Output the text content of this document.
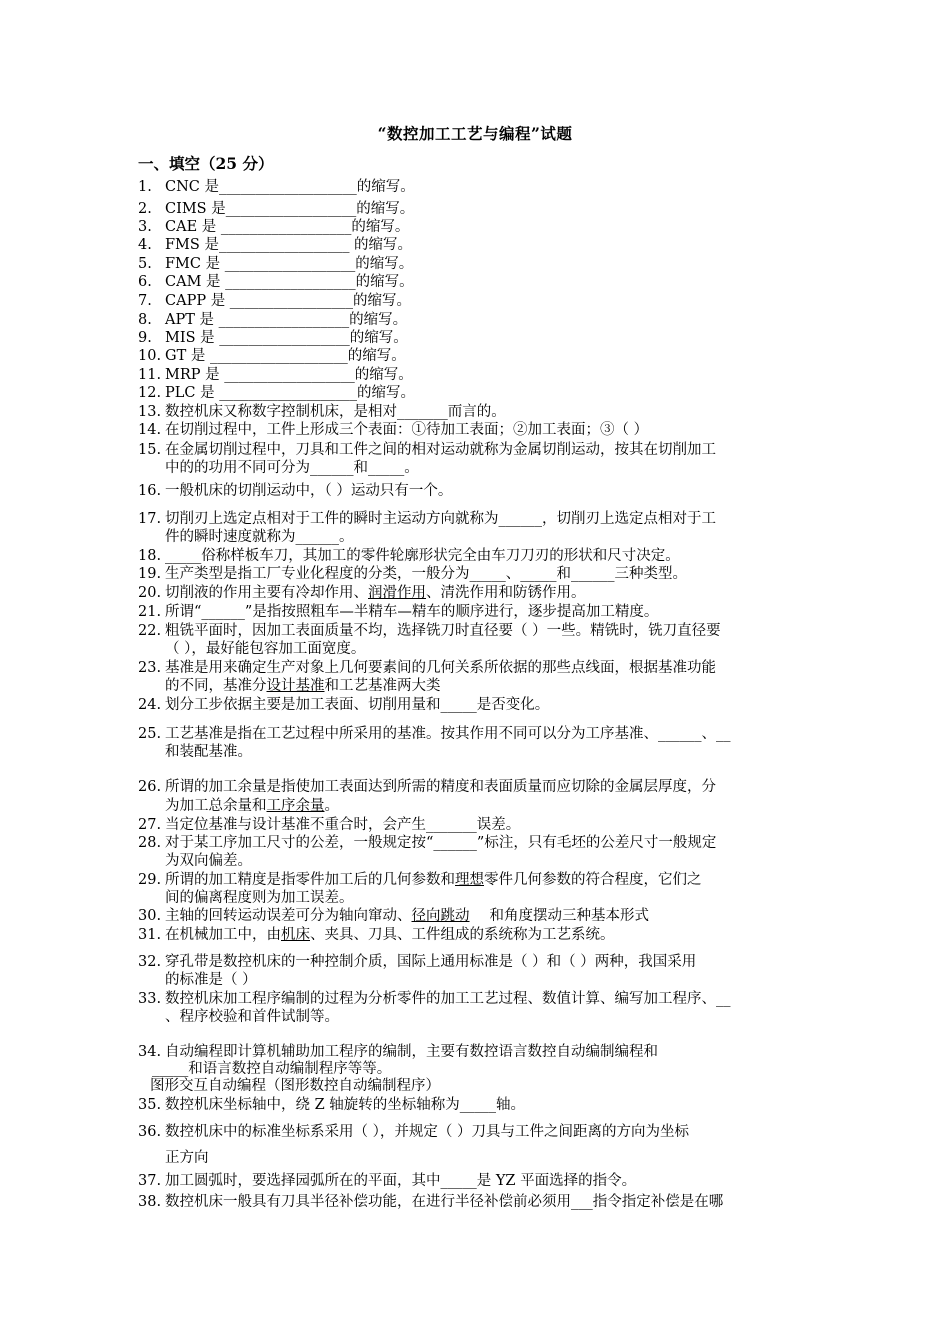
“数控加工工艺与编程”试题
一、填空（25 分）
1. CNC 是___________________的缩写。
2. CIMS 是__________________的缩写。
3. CAE 是 __________________的缩写。
4. FMS 是__________________ 的缩写。
5. FMC 是 __________________的缩写。
6. CAM 是 __________________的缩写。
7. CAPP 是 _________________的缩写。
8. APT 是 __________________的缩写。
9. MIS 是 __________________的缩写。
10. GT 是 ___________________的缩写。
11. MRP 是 __________________的缩写。
12. PLC 是 ___________________的缩写。
13. 数控机床又称数字控制机床，是相对_______而言的。
14. 在切削过程中，工件上形成三个表面：①待加工表面；②加工表面；③（ ）
15. 在金属切削过程中，刀具和工件之间的相对运动就称为金属切削运动，按其在切削加工
中的的功用不同可分为______和_____。
16. 一般机床的切削运动中，（ ）运动只有一个。
17. 切削刃上选定点相对于工件的瞬时主运动方向就称为______，切削刃上选定点相对于工
件的瞬时速度就称为______。
18. _____俗称样板车刀，其加工的零件轮廓形状完全由车刀刀刃的形状和尺寸决定。
19. 生产类型是指工厂专业化程度的分类，一般分为_____、_____和______三种类型。
20. 切削液的作用主要有冷却作用、润滑作用、清洗作用和防锈作用。
21. 所谓“______”是指按照粗车—半精车—精车的顺序进行，逐步提高加工精度。
22. 粗铣平面时，因加工表面质量不均，选择铣刀时直径要（ ）一些。精铣时，铣刀直径要
（ ），最好能包容加工面宽度。
23. 基准是用来确定生产对象上几何要素间的几何关系所依据的那些点线面，根据基准功能
的不同，基准分设计基准和工艺基准两大类
24. 划分工步依据主要是加工表面、切削用量和_____是否变化。
25. 工艺基准是指在工艺过程中所采用的基准。按其作用不同可以分为工序基准、______、__
和装配基准。
26. 所谓的加工余量是指使加工表面达到所需的精度和表面质量而应切除的金属层厚度，分
为加工总余量和工序余量。
27. 当定位基准与设计基准不重合时，会产生_______误差。
28. 对于某工序加工尺寸的公差，一般规定按“______”标注，只有毛坯的公差尺寸一般规定
为双向偏差。
29. 所谓的加工精度是指零件加工后的几何参数和理想零件几何参数的符合程度，它们之
间的偏离程度则为加工误差。
30. 主轴的回转运动误差可分为轴向窜动、径向跳动 和角度摆动三种基本形式
31. 在机械加工中，由机床、夹具、刀具、工件组成的系统称为工艺系统。
32. 穿孔带是数控机床的一种控制介质，国际上通用标准是（ ）和（ ）两种，我国采用
的标准是（ ）
33. 数控机床加工程序编制的过程为分析零件的加工工艺过程、数值计算、编写加工程序、__
、程序校验和首件试制等。
34. 自动编程即计算机辅助加工程序的编制，主要有数控语言数控自动编制编程和
_____和语言数控自动编制程序等等。
图形交互自动编程（图形数控自动编制程序）
35. 数控机床坐标轴中，绕 Z 轴旋转的坐标轴称为_____轴。
36. 数控机床中的标准坐标系采用（ ），并规定（ ）刀具与工件之间距离的方向为坐标
正方向
37. 加工圆弧时，要选择园弧所在的平面，其中_____是 YZ 平面选择的指令。
38. 数控机床一般具有刀具半径补偿功能，在进行半径补偿前必须用___指令指定补偿是在哪
